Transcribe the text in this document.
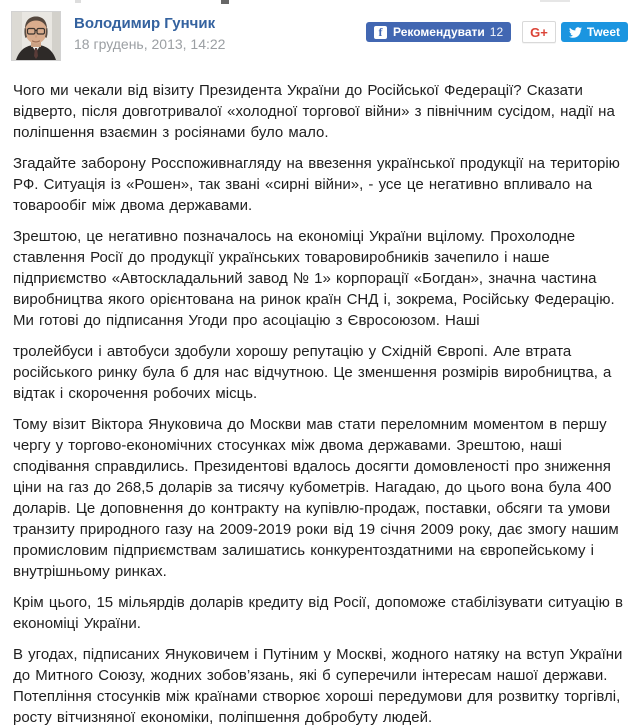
Володимир Гунчик
18 грудень, 2013, 14:22
f Рекомендувати 12 G+	Tweet

Чого ми чекали від візиту Президента України до Російської Федерації? Сказати відверто, після довготривалої «холодної торгової війни» з північним сусідом, надії на поліпшення взаємин з росіянами було мало.

Згадайте заборону Росспоживнагляду на ввезення української продукції на територію РФ. Ситуація із «Рошен», так звані «сирні війни», - усе це негативно впливало на товарообіг між двома державами.

Зрештою, це негативно позначалось на економіці України вцілому. Прохолодне ставлення Росії до продукції українських товаровиробників зачепило і наше підприємство «Автоскладальний завод № 1» корпорації «Богдан», значна частина виробництва якого орієнтована на ринок країн СНД і, зокрема, Російську Федерацію. Ми готові до підписання Угоди про асоціацію з Євросоюзом. Наші

тролейбуси і автобуси здобули хорошу репутацію у Східній Європі. Але втрата російського ринку була б для нас відчутною. Це зменшення розмірів виробництва, а відтак і скорочення робочих місць.

Тому візит Віктора Януковича до Москви мав стати переломним моментом в першу чергу у торгово-економічних стосунках між двома державами. Зрештою, наші сподівання справдились. Президентові вдалось досягти домовленості про зниження ціни на газ до 268,5 доларів за тисячу кубометрів. Нагадаю, до цього вона була 400 доларів. Це доповнення до контракту на купівлю-продаж, поставки, обсяги та умови транзиту природного газу на 2009-2019 роки від 19 січня 2009 року, дає змогу нашим промисловим підприємствам залишатись конкурентоздатними на європейському і внутрішньому ринках.

Крім цього, 15 мільярдів доларів кредиту від Росії, допоможе стабілізувати ситуацію в економіці України.

В угодах, підписаних Януковичем і Путіним у Москві, жодного натяку на вступ України до Митного Союзу, жодних зобов’язань, які б суперечили інтересам нашої держави. Потепління стосунків між країнами створює хороші передумови для розвитку торгівлі, росту вітчизняної економіки, поліпшення добробуту людей.
